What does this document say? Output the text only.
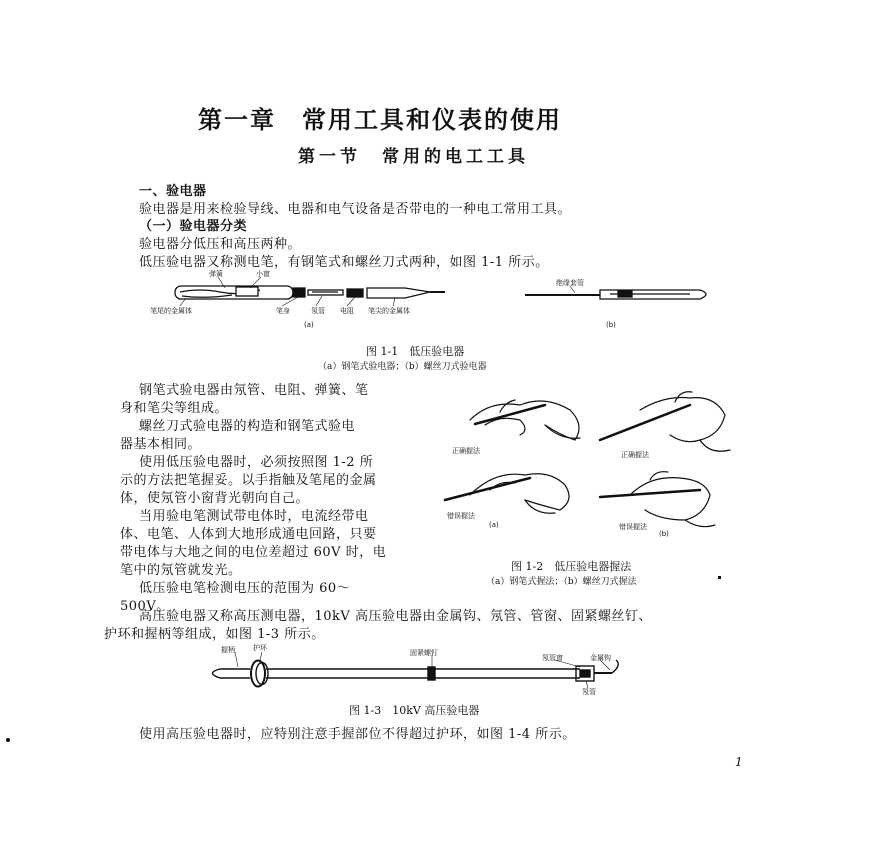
第一章　常用工具和仪表的使用
第一节　常用的电工工具
一、验电器
验电器是用来检验导线、电器和电气设备是否带电的一种电工常用工具。
（一）验电器分类
验电器分低压和高压两种。
低压验电器又称测电笔，有钢笔式和螺丝刀式两种，如图 1-1 所示。
弹簧	小窗
笔尾的金属体	笔身	氖管 电阻 笔尖的金属体
绝缘套管
(a)	(b)
图 1-1　低压验电器
（a）钢笔式验电器；（b）螺丝刀式验电器
钢笔式验电器由氖管、电阻、弹簧、笔
身和笔尖等组成。
螺丝刀式验电器的构造和钢笔式验电
器基本相同。
使用低压验电器时，必须按照图 1-2 所
示的方法把笔握妥。以手指触及笔尾的金属
体，使氖管小窗背光朝向自己。
当用验电笔测试带电体时，电流经带电
体、电笔、人体到大地形成通电回路，只要
带电体与大地之间的电位差超过 60V 时，电
笔中的氖管就发光。
低压验电笔检测电压的范围为 60～
500V。
正确握法	正确握法
错误握法
错误握法
(a)
(b)
图 1-2　低压验电器握法
（a）钢笔式握法；（b）螺丝刀式握法
高压验电器又称高压测电器，10kV 高压验电器由金属钩、氖管、管窗、固紧螺丝钉、
护环和握柄等组成，如图 1-3 所示。
握柄	护环
固紧螺钉
氖管窗	金属钩
氖管
图 1-3　10kV 高压验电器
使用高压验电器时，应特别注意手握部位不得超过护环，如图 1-4 所示。
1
